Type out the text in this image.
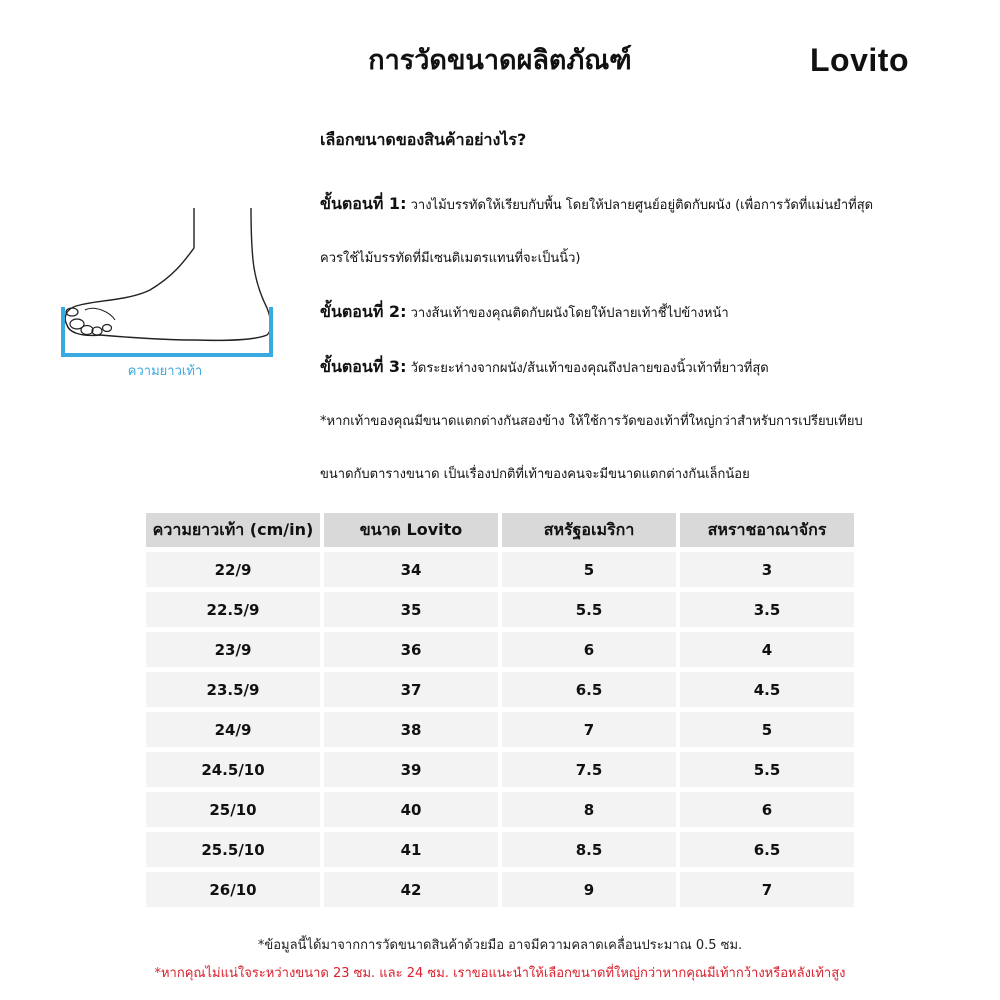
การวัดขนาดผลิตภัณฑ์	Lovito
ความยาวเท้า

เลือกขนาดของสินค้าอย่างไร?

ขั้นตอนที่ 1: วางไม้บรรทัดให้เรียบกับพื้น โดยให้ปลายศูนย์อยู่ติดกับผนัง (เพื่อการวัดที่แม่นยำที่สุด

ควรใช้ไม้บรรทัดที่มีเซนติเมตรแทนที่จะเป็นนิ้ว)

ขั้นตอนที่ 2: วางส้นเท้าของคุณติดกับผนังโดยให้ปลายเท้าชี้ไปข้างหน้า

ขั้นตอนที่ 3: วัดระยะห่างจากผนัง/ส้นเท้าของคุณถึงปลายของนิ้วเท้าที่ยาวที่สุด

*หากเท้าของคุณมีขนาดแตกต่างกันสองข้าง ให้ใช้การวัดของเท้าที่ใหญ่กว่าสำหรับการเปรียบเทียบ

ขนาดกับตารางขนาด เป็นเรื่องปกติที่เท้าของคนจะมีขนาดแตกต่างกันเล็กน้อย

ความยาวเท้า (cm/in)	ขนาด Lovito	สหรัฐอเมริกา	สหราชอาณาจักร
22/9	34	5	3
22.5/9	35	5.5	3.5
23/9	36	6	4
23.5/9	37	6.5	4.5
24/9	38	7	5
24.5/10	39	7.5	5.5
25/10	40	8	6
25.5/10	41	8.5	6.5
26/10	42	9	7
*ข้อมูลนี้ได้มาจากการวัดขนาดสินค้าด้วยมือ อาจมีความคลาดเคลื่อนประมาณ 0.5 ซม.
*หากคุณไม่แน่ใจระหว่างขนาด 23 ซม. และ 24 ซม. เราขอแนะนำให้เลือกขนาดที่ใหญ่กว่าหากคุณมีเท้ากว้างหรือหลังเท้าสูง
